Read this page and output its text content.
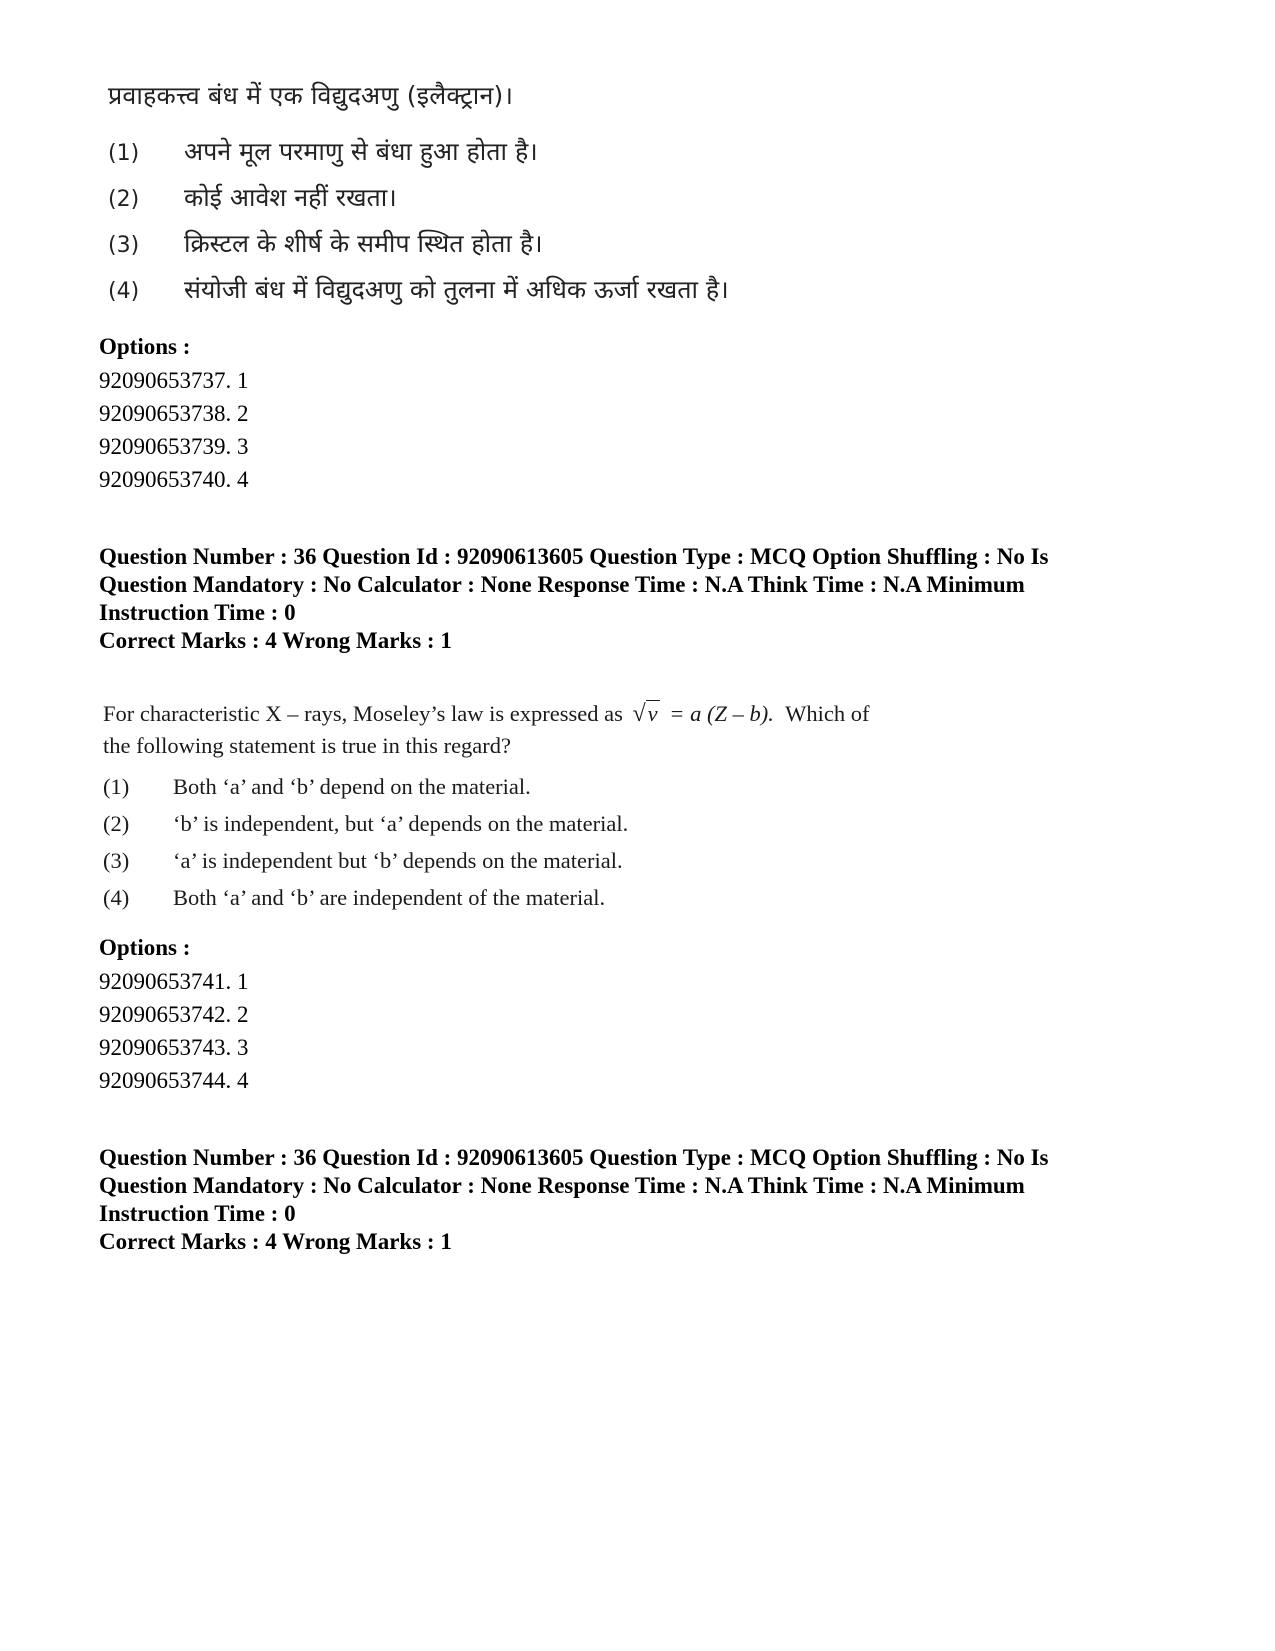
प्रवाहकत्त्व बंध में एक विद्युदअणु (इलैक्ट्रान)।
(1) अपने मूल परमाणु से बंधा हुआ होता है।
(2) कोई आवेश नहीं रखता।
(3) क्रिस्टल के शीर्ष के समीप स्थित होता है।
(4) संयोजी बंध में विद्युदअणु को तुलना में अधिक ऊर्जा रखता है।
Options :
92090653737. 1
92090653738. 2
92090653739. 3
92090653740. 4
Question Number : 36 Question Id : 92090613605 Question Type : MCQ Option Shuffling : No Is
Question Mandatory : No Calculator : None Response Time : N.A Think Time : N.A Minimum
Instruction Time : 0
Correct Marks : 4 Wrong Marks : 1
For characteristic X – rays, Moseley’s law is expressed as √v = a (Z – b). Which of
the following statement is true in this regard?
(1) Both ‘a’ and ‘b’ depend on the material.
(2) ‘b’ is independent, but ‘a’ depends on the material.
(3) ‘a’ is independent but ‘b’ depends on the material.
(4) Both ‘a’ and ‘b’ are independent of the material.
Options :
92090653741. 1
92090653742. 2
92090653743. 3
92090653744. 4
Question Number : 36 Question Id : 92090613605 Question Type : MCQ Option Shuffling : No Is
Question Mandatory : No Calculator : None Response Time : N.A Think Time : N.A Minimum
Instruction Time : 0
Correct Marks : 4 Wrong Marks : 1
